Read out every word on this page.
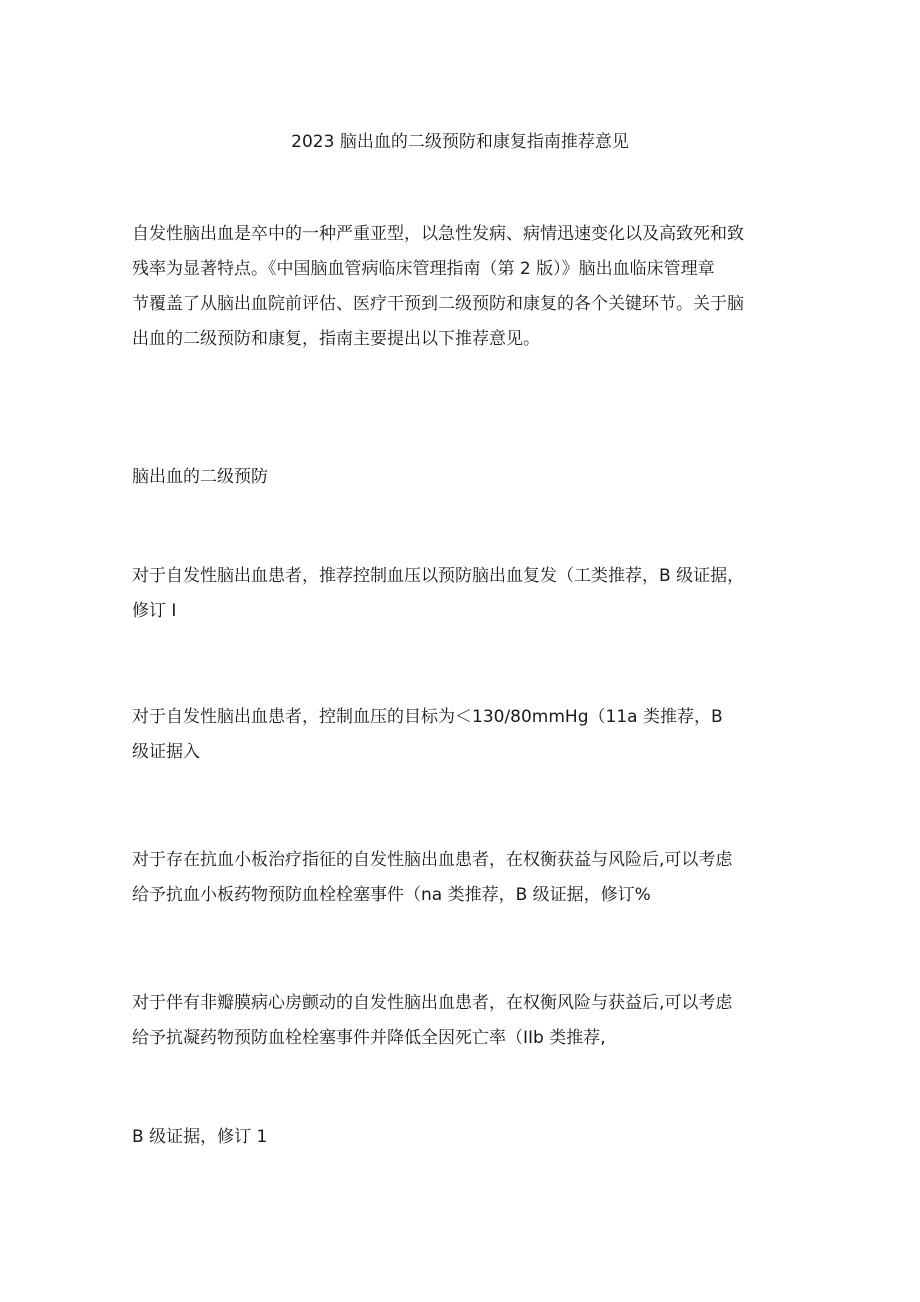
2023 脑出血的二级预防和康复指南推荐意见
自发性脑出血是卒中的一种严重亚型，以急性发病、病情迅速变化以及高致死和致
残率为显著特点。《中国脑血管病临床管理指南（第 2 版）》脑出血临床管理章
节覆盖了从脑出血院前评估、医疗干预到二级预防和康复的各个关键环节。关于脑
出血的二级预防和康复，指南主要提出以下推荐意见。
脑出血的二级预防
对于自发性脑出血患者，推荐控制血压以预防脑出血复发（工类推荐，B 级证据，
修订 I
对于自发性脑出血患者，控制血压的目标为＜130/80mmHg（11a 类推荐，B
级证据入
对于存在抗血小板治疗指征的自发性脑出血患者，在权衡获益与风险后,可以考虑
给予抗血小板药物预防血栓栓塞事件（na 类推荐，B 级证据，修订%
对于伴有非瓣膜病心房颤动的自发性脑出血患者，在权衡风险与获益后,可以考虑
给予抗凝药物预防血栓栓塞事件并降低全因死亡率（IIb 类推荐,
B 级证据，修订 1
